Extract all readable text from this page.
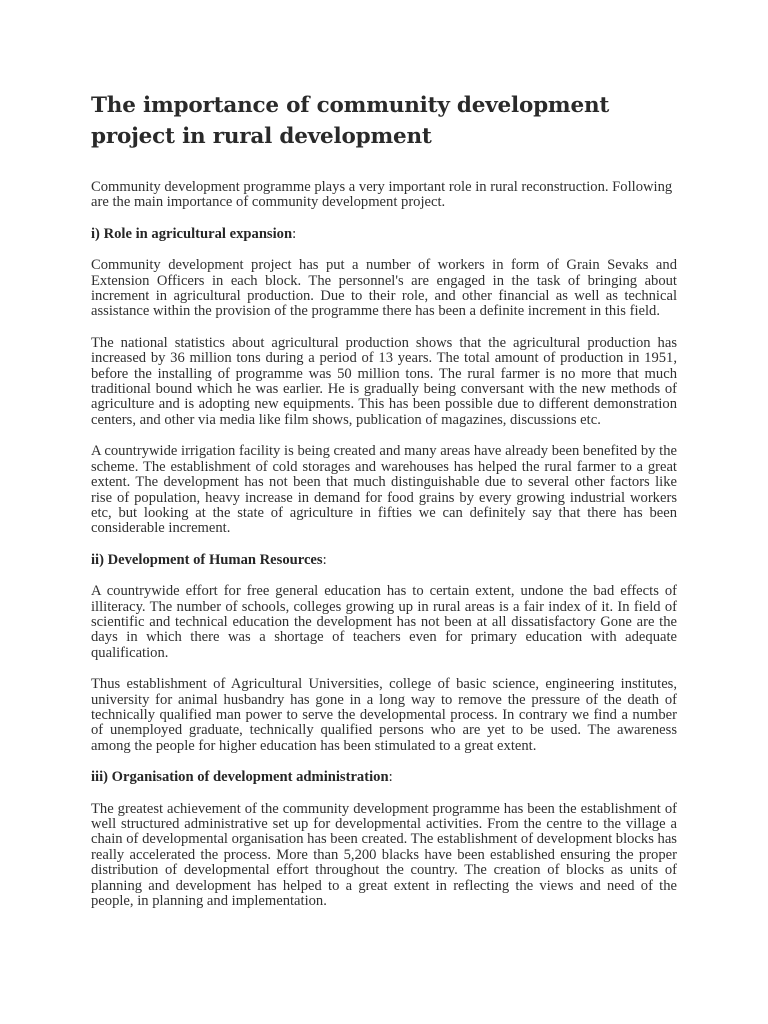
The importance of community development project in rural development

Community development programme plays a very important role in rural reconstruction. Following are the main importance of community development project.

i) Role in agricultural expansion:

Community development project has put a number of workers in form of Grain Sevaks and Extension Officers in each block. The personnel's are engaged in the task of bringing about increment in agricultural production. Due to their role, and other financial as well as technical assistance within the provision of the programme there has been a definite increment in this field.

The national statistics about agricultural production shows that the agricultural production has increased by 36 million tons during a period of 13 years. The total amount of production in 1951, before the installing of programme was 50 million tons. The rural farmer is no more that much traditional bound which he was earlier. He is gradually being conversant with the new methods of agriculture and is adopting new equipments. This has been possible due to different demonstration centers, and other via media like film shows, publication of magazines, discussions etc.

A countrywide irrigation facility is being created and many areas have already been benefited by the scheme. The establishment of cold storages and warehouses has helped the rural farmer to a great extent. The development has not been that much distinguishable due to several other factors like rise of population, heavy increase in demand for food grains by every growing industrial workers etc, but looking at the state of agriculture in fifties we can definitely say that there has been considerable increment.

ii) Development of Human Resources:

A countrywide effort for free general education has to certain extent, undone the bad effects of illiteracy. The number of schools, colleges growing up in rural areas is a fair index of it. In field of scientific and technical education the development has not been at all dissatisfactory Gone are the days in which there was a shortage of teachers even for primary education with adequate qualification.

Thus establishment of Agricultural Universities, college of basic science, engineering institutes, university for animal husbandry has gone in a long way to remove the pressure of the death of technically qualified man power to serve the developmental process. In contrary we find a number of unemployed graduate, technically qualified persons who are yet to be used. The awareness among the people for higher education has been stimulated to a great extent.

iii) Organisation of development administration:

The greatest achievement of the community development programme has been the establishment of well structured administrative set up for developmental activities. From the centre to the village a chain of developmental organisation has been created. The establishment of development blocks has really accelerated the process. More than 5,200 blacks have been established ensuring the proper distribution of developmental effort throughout the country. The creation of blocks as units of planning and development has helped to a great extent in reflecting the views and need of the people, in planning and implementation.
